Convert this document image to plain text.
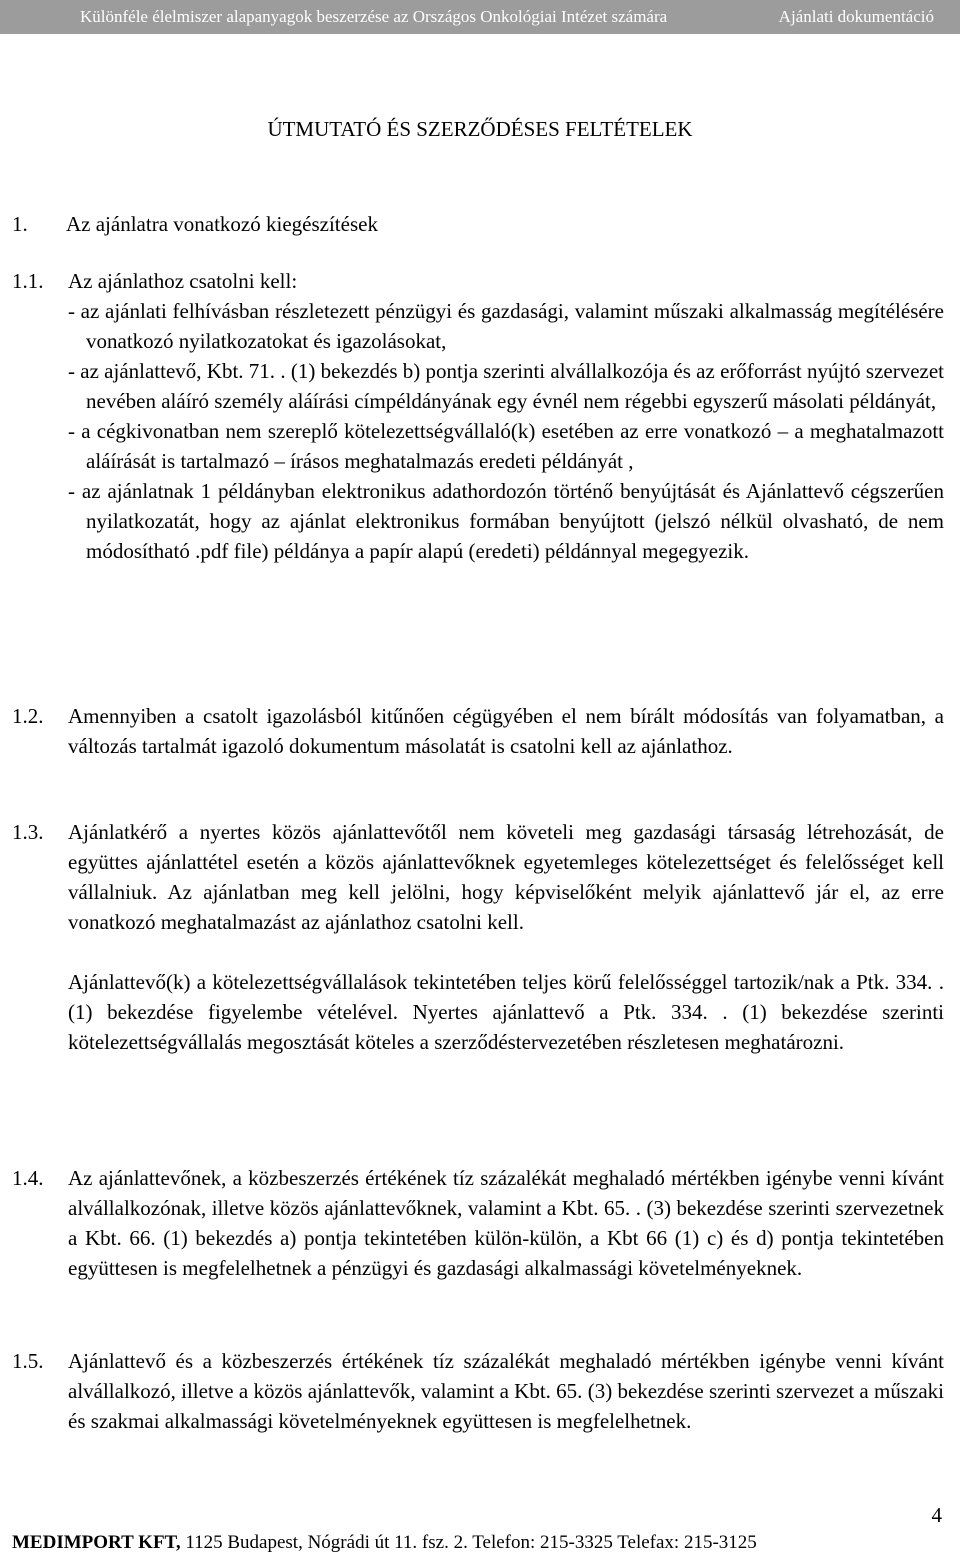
Különféle élelmiszer alapanyagok beszerzése az Országos Onkológiai Intézet számára	Ajánlati dokumentáció
ÚTMUTATÓ ÉS SZERZŐDÉSES FELTÉTELEK
1. Az ajánlatra vonatkozó kiegészítések
1.1. Az ajánlathoz csatolni kell:

- az ajánlati felhívásban részletezett pénzügyi és gazdasági, valamint műszaki alkalmasság megítélésére vonatkozó nyilatkozatokat és igazolásokat,
- az ajánlattevő, Kbt. 71. . (1) bekezdés b) pontja szerinti alvállalkozója és az erőforrást nyújtó szervezet nevében aláíró személy aláírási címpéldányának egy évnél nem régebbi egyszerű másolati példányát,
- a cégkivonatban nem szereplő kötelezettségvállaló(k) esetében az erre vonatkozó – a meghatalmazott aláírását is tartalmazó – írásos meghatalmazás eredeti példányát ,
- az ajánlatnak 1 példányban elektronikus adathordozón történő benyújtását és Ajánlattevő cégszerűen nyilatkozatát, hogy az ajánlat elektronikus formában benyújtott (jelszó nélkül olvasható, de nem módosítható .pdf file) példánya a papír alapú (eredeti) példánnyal megegyezik.
1.2. Amennyiben a csatolt igazolásból kitűnően cégügyében el nem bírált módosítás van folyamatban, a változás tartalmát igazoló dokumentum másolatát is csatolni kell az ajánlathoz.

1.3. Ajánlatkérő a nyertes közös ajánlattevőtől nem követeli meg gazdasági társaság létrehozását, de együttes ajánlattétel esetén a közös ajánlattevőknek egyetemleges kötelezettséget és felelősséget kell vállalniuk. Az ajánlatban meg kell jelölni, hogy képviselőként melyik ajánlattevő jár el, az erre vonatkozó meghatalmazást az ajánlathoz csatolni kell.

Ajánlattevő(k) a kötelezettségvállalások tekintetében teljes körű felelősséggel tartozik/nak a Ptk. 334. . (1) bekezdése figyelembe vételével. Nyertes ajánlattevő a Ptk. 334. . (1) bekezdése szerinti kötelezettségvállalás megosztását köteles a szerződéstervezetében részletesen meghatározni.

1.4. Az ajánlattevőnek, a közbeszerzés értékének tíz százalékát meghaladó mértékben igénybe venni kívánt alvállalkozónak, illetve közös ajánlattevőknek, valamint a Kbt. 65. . (3) bekezdése szerinti szervezetnek a Kbt. 66. (1) bekezdés a) pontja tekintetében külön-külön, a Kbt 66 (1) c) és d) pontja tekintetében együttesen is megfelelhetnek a pénzügyi és gazdasági alkalmassági követelményeknek.

1.5. Ajánlattevő és a közbeszerzés értékének tíz százalékát meghaladó mértékben igénybe venni kívánt alvállalkozó, illetve a közös ajánlattevők, valamint a Kbt. 65. (3) bekezdése szerinti szervezet a műszaki és szakmai alkalmassági követelményeknek együttesen is megfelelhetnek.

4
MEDIMPORT KFT, 1125 Budapest, Nógrádi út 11. fsz. 2. Telefon: 215-3325 Telefax: 215-3125
